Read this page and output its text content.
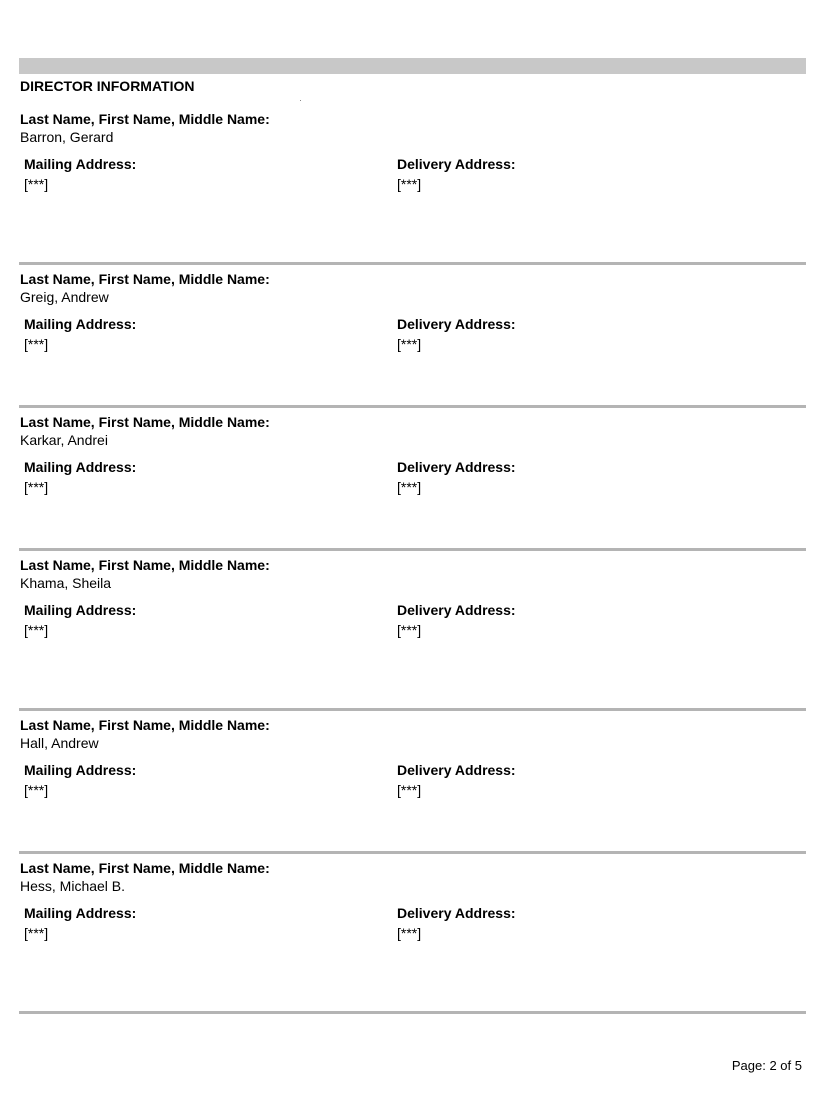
DIRECTOR INFORMATION
Last Name, First Name, Middle Name:
Barron, Gerard
Mailing Address:
[***]
Delivery Address:
[***]
Last Name, First Name, Middle Name:
Greig, Andrew
Mailing Address:
[***]
Delivery Address:
[***]
Last Name, First Name, Middle Name:
Karkar, Andrei
Mailing Address:
[***]
Delivery Address:
[***]
Last Name, First Name, Middle Name:
Khama, Sheila
Mailing Address:
[***]
Delivery Address:
[***]
Last Name, First Name, Middle Name:
Hall, Andrew
Mailing Address:
[***]
Delivery Address:
[***]
Last Name, First Name, Middle Name:
Hess, Michael B.
Mailing Address:
[***]
Delivery Address:
[***]
Page: 2 of 5
